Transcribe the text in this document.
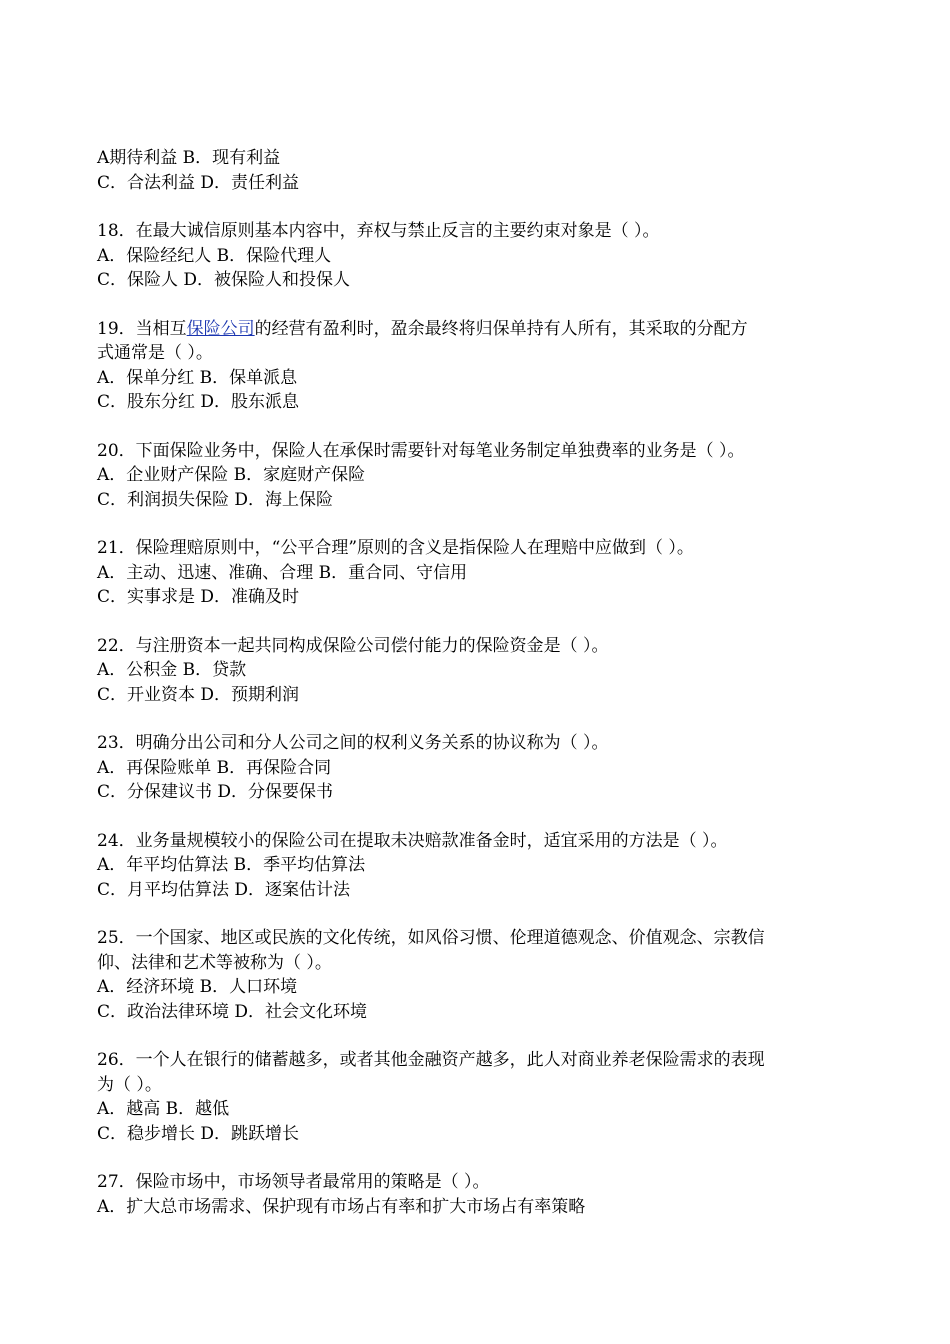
A期待利益 B．现有利益

C．合法利益 D．责任利益

18．在最大诚信原则基本内容中，弃权与禁止反言的主要约束对象是（ ）。

A．保险经纪人 B．保险代理人

C．保险人 D．被保险人和投保人

19．当相互保险公司的经营有盈利时，盈余最终将归保单持有人所有，其采取的分配方

式通常是（ ）。

A．保单分红 B．保单派息

C．股东分红 D．股东派息

20．下面保险业务中，保险人在承保时需要针对每笔业务制定单独费率的业务是（ ）。

A．企业财产保险 B．家庭财产保险

C．利润损失保险 D．海上保险

21．保险理赔原则中，“公平合理”原则的含义是指保险人在理赔中应做到（ ）。

A．主动、迅速、准确、合理 B．重合同、守信用

C．实事求是 D．准确及时

22．与注册资本一起共同构成保险公司偿付能力的保险资金是（ ）。

A．公积金 B．贷款

C．开业资本 D．预期利润

23．明确分出公司和分人公司之间的权利义务关系的协议称为（ ）。

A．再保险账单 B．再保险合同

C．分保建议书 D．分保要保书

24．业务量规模较小的保险公司在提取未决赔款准备金时，适宜采用的方法是（ ）。

A．年平均估算法 B．季平均估算法

C．月平均估算法 D．逐案估计法

25．一个国家、地区或民族的文化传统，如风俗习惯、伦理道德观念、价值观念、宗教信

仰、法律和艺术等被称为（ ）。

A．经济环境 B．人口环境

C．政治法律环境 D．社会文化环境

26．一个人在银行的储蓄越多，或者其他金融资产越多，此人对商业养老保险需求的表现

为（ ）。

A．越高 B．越低

C．稳步增长 D．跳跃增长

27．保险市场中，市场领导者最常用的策略是（ ）。

A．扩大总市场需求、保护现有市场占有率和扩大市场占有率策略
